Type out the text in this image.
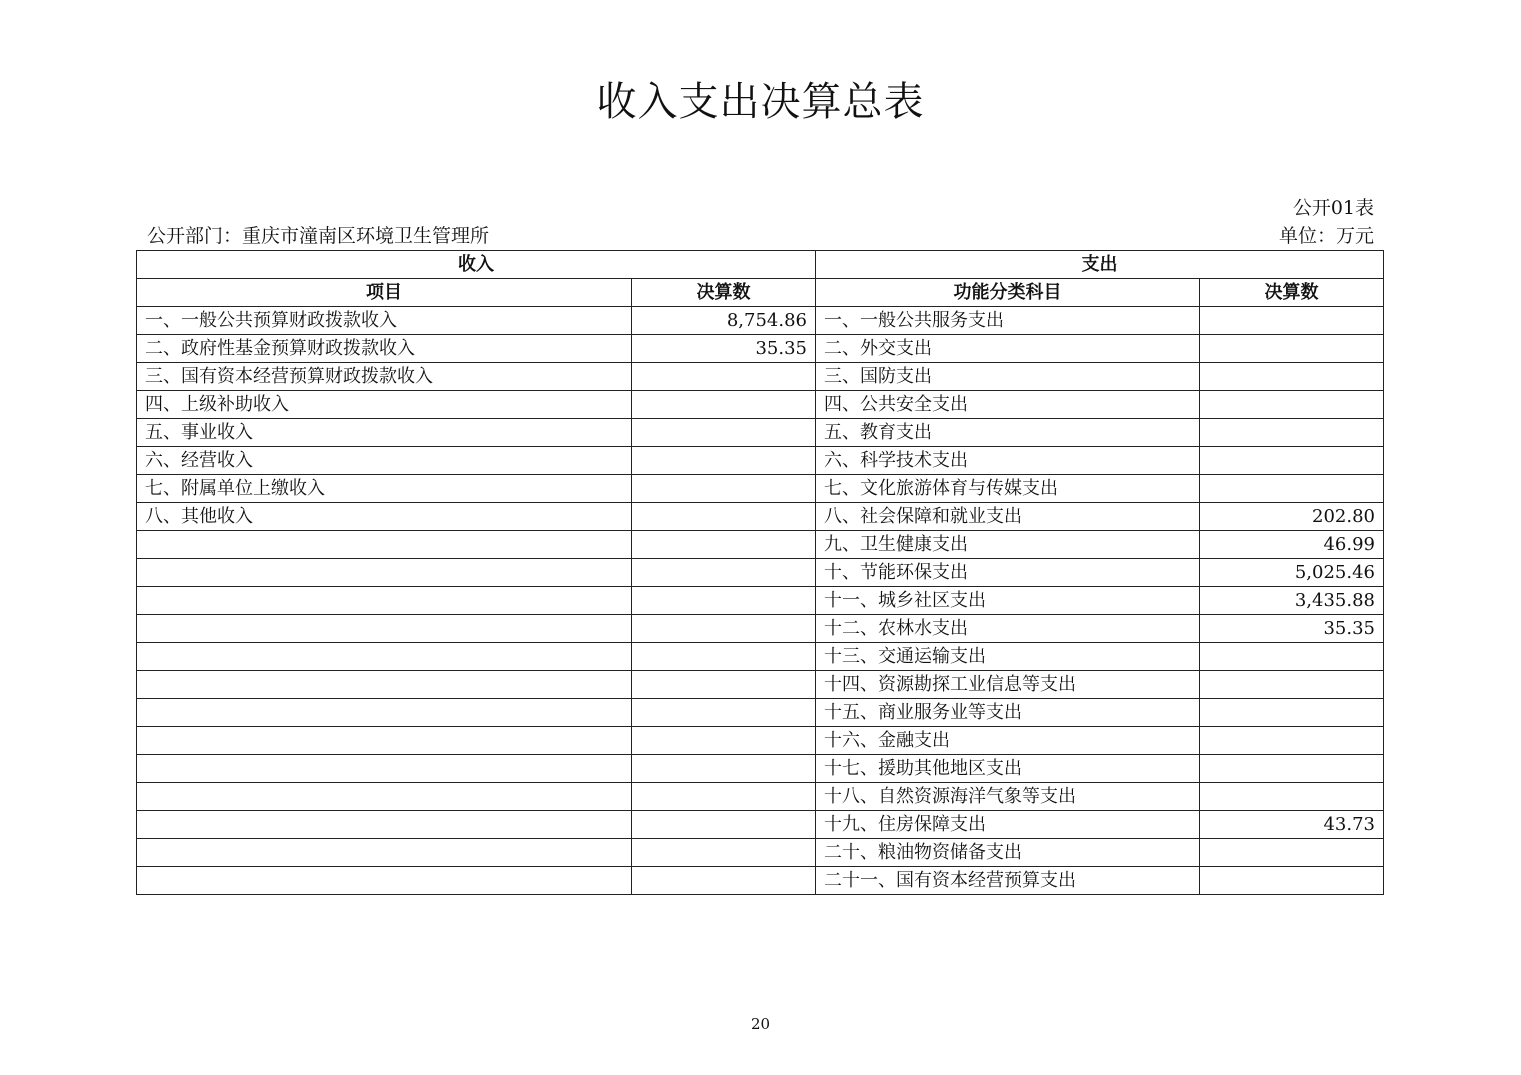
收入支出决算总表
公开01表
公开部门：重庆市潼南区环境卫生管理所	单位：万元
收入		支出	
项目	决算数	功能分类科目	决算数
一、一般公共预算财政拨款收入	8,754.86	一、一般公共服务支出	
二、政府性基金预算财政拨款收入	35.35	二、外交支出	
三、国有资本经营预算财政拨款收入		三、国防支出	
四、上级补助收入		四、公共安全支出	
五、事业收入		五、教育支出	
六、经营收入		六、科学技术支出	
七、附属单位上缴收入		七、文化旅游体育与传媒支出	
八、其他收入		八、社会保障和就业支出	202.80
		九、卫生健康支出	46.99
		十、节能环保支出	5,025.46
		十一、城乡社区支出	3,435.88
		十二、农林水支出	35.35
		十三、交通运输支出	
		十四、资源勘探工业信息等支出	
		十五、商业服务业等支出	
		十六、金融支出	
		十七、援助其他地区支出	
		十八、自然资源海洋气象等支出	
		十九、住房保障支出	43.73
		二十、粮油物资储备支出	
		二十一、国有资本经营预算支出	
20
